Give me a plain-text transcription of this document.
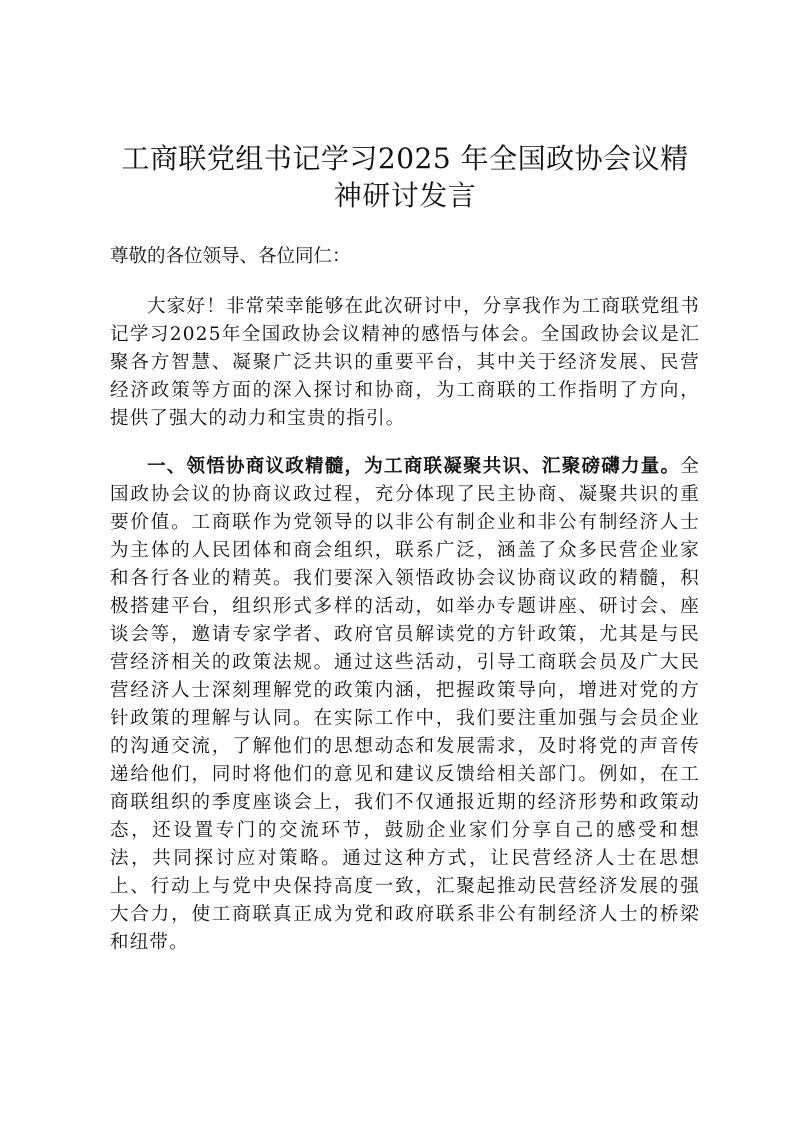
工商联党组书记学习2025 年全国政协会议精神研讨发言

尊敬的各位领导、各位同仁：

大家好！非常荣幸能够在此次研讨中，分享我作为工商联党组书记学习2025年全国政协会议精神的感悟与体会。全国政协会议是汇聚各方智慧、凝聚广泛共识的重要平台，其中关于经济发展、民营经济政策等方面的深入探讨和协商，为工商联的工作指明了方向，提供了强大的动力和宝贵的指引。

一、领悟协商议政精髓，为工商联凝聚共识、汇聚磅礴力量。全国政协会议的协商议政过程，充分体现了民主协商、凝聚共识的重要价值。工商联作为党领导的以非公有制企业和非公有制经济人士为主体的人民团体和商会组织，联系广泛，涵盖了众多民营企业家和各行各业的精英。我们要深入领悟政协会议协商议政的精髓，积极搭建平台，组织形式多样的活动，如举办专题讲座、研讨会、座谈会等，邀请专家学者、政府官员解读党的方针政策，尤其是与民营经济相关的政策法规。通过这些活动，引导工商联会员及广大民营经济人士深刻理解党的政策内涵，把握政策导向，增进对党的方针政策的理解与认同。在实际工作中，我们要注重加强与会员企业的沟通交流，了解他们的思想动态和发展需求，及时将党的声音传递给他们，同时将他们的意见和建议反馈给相关部门。例如，在工商联组织的季度座谈会上，我们不仅通报近期的经济形势和政策动态，还设置专门的交流环节，鼓励企业家们分享自己的感受和想法，共同探讨应对策略。通过这种方式，让民营经济人士在思想上、行动上与党中央保持高度一致，汇聚起推动民营经济发展的强大合力，使工商联真正成为党和政府联系非公有制经济人士的桥梁和纽带。
